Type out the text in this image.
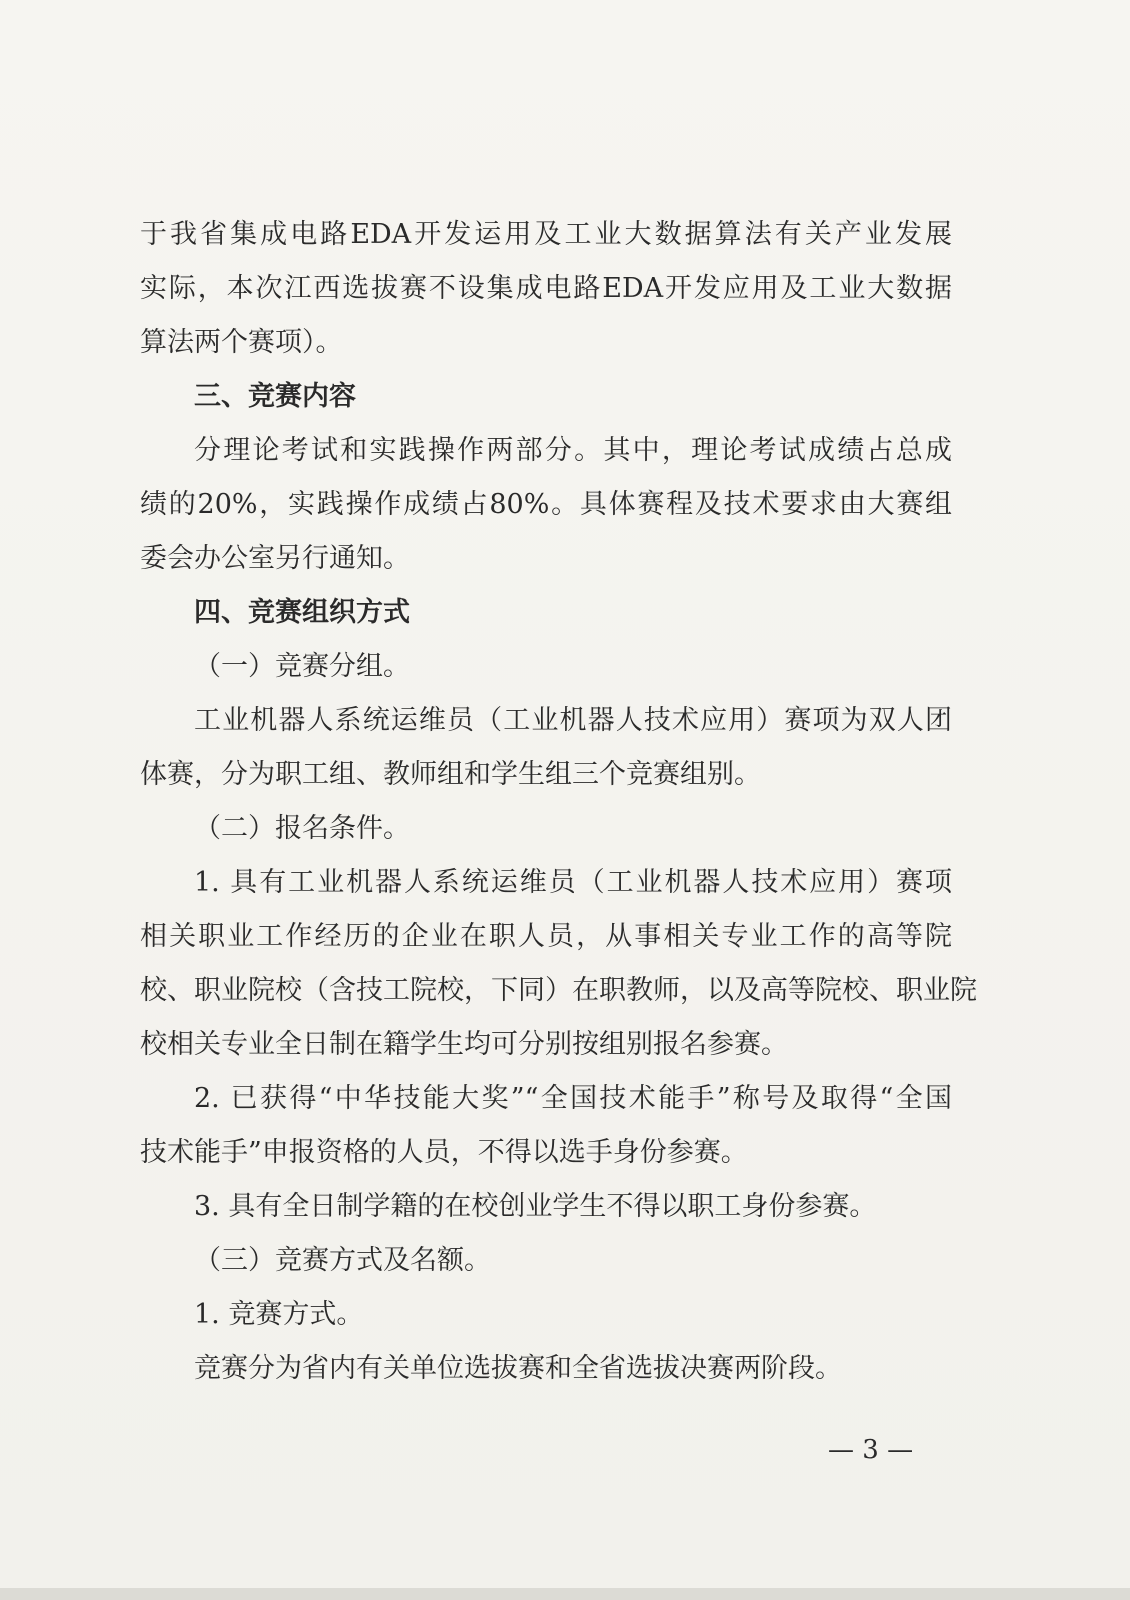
于我省集成电路EDA开发运用及工业大数据算法有关产业发展
实际，本次江西选拔赛不设集成电路EDA开发应用及工业大数据
算法两个赛项）。
三、竞赛内容
分理论考试和实践操作两部分。其中，理论考试成绩占总成
绩的20%，实践操作成绩占80%。具体赛程及技术要求由大赛组
委会办公室另行通知。
四、竞赛组织方式
（一）竞赛分组。
工业机器人系统运维员（工业机器人技术应用）赛项为双人团
体赛，分为职工组、教师组和学生组三个竞赛组别。
（二）报名条件。
1. 具有工业机器人系统运维员（工业机器人技术应用）赛项
相关职业工作经历的企业在职人员，从事相关专业工作的高等院
校、职业院校（含技工院校，下同）在职教师，以及高等院校、职业院
校相关专业全日制在籍学生均可分别按组别报名参赛。
2. 已获得“中华技能大奖”“全国技术能手”称号及取得“全国
技术能手”申报资格的人员，不得以选手身份参赛。
3. 具有全日制学籍的在校创业学生不得以职工身份参赛。
（三）竞赛方式及名额。
1. 竞赛方式。
竞赛分为省内有关单位选拔赛和全省选拔决赛两阶段。
— 3 —
